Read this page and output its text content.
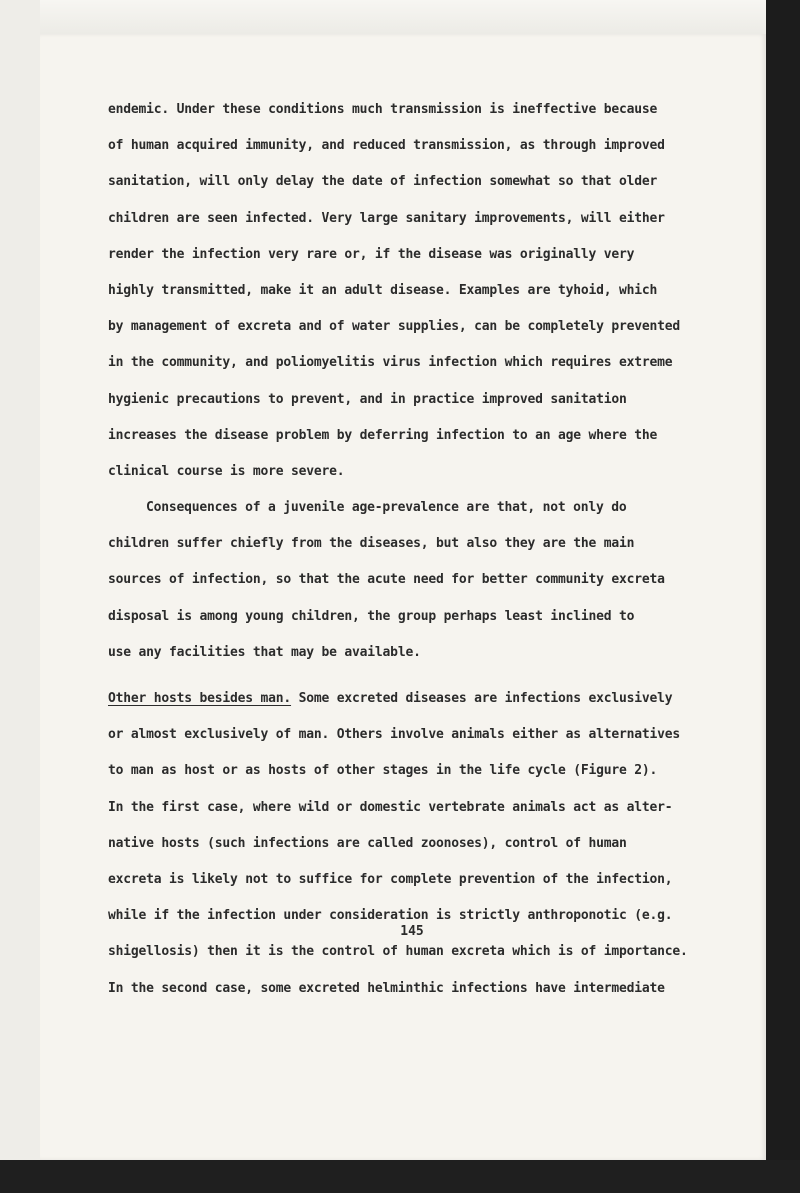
endemic. Under these conditions much transmission is ineffective because
of human acquired immunity, and reduced transmission, as through improved
sanitation, will only delay the date of infection somewhat so that older
children are seen infected. Very large sanitary improvements, will either
render the infection very rare or, if the disease was originally very
highly transmitted, make it an adult disease. Examples are tyhoid, which
by management of excreta and of water supplies, can be completely prevented
in the community, and poliomyelitis virus infection which requires extreme
hygienic precautions to prevent, and in practice improved sanitation
increases the disease problem by deferring infection to an age where the
clinical course is more severe.
Consequences of a juvenile age-prevalence are that, not only do
children suffer chiefly from the diseases, but also they are the main
sources of infection, so that the acute need for better community excreta
disposal is among young children, the group perhaps least inclined to
use any facilities that may be available.
Other hosts besides man. Some excreted diseases are infections exclusively
or almost exclusively of man. Others involve animals either as alternatives
to man as host or as hosts of other stages in the life cycle (Figure 2).
In the first case, where wild or domestic vertebrate animals act as alter-
native hosts (such infections are called zoonoses), control of human
excreta is likely not to suffice for complete prevention of the infection,
while if the infection under consideration is strictly anthroponotic (e.g.
shigellosis) then it is the control of human excreta which is of importance.
In the second case, some excreted helminthic infections have intermediate
145
